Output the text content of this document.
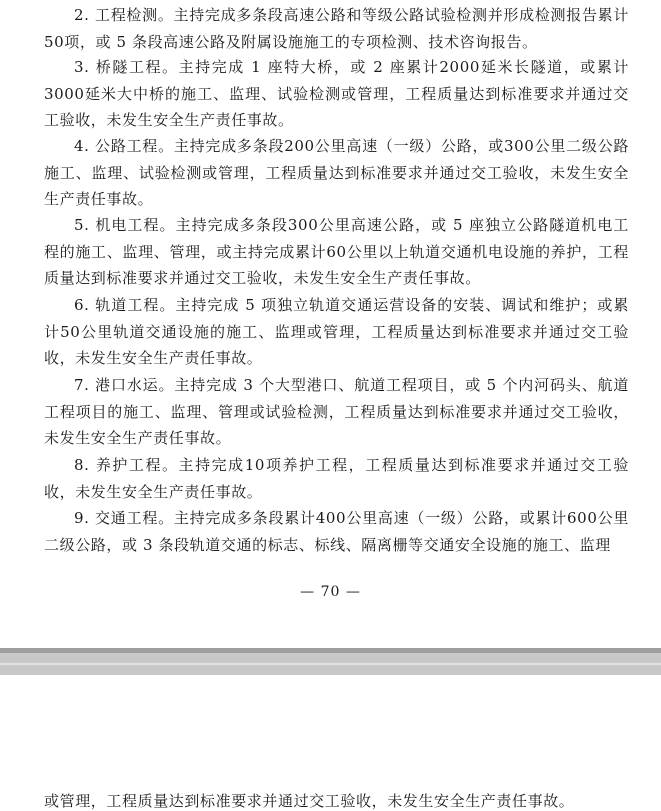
2. 工程检测。主持完成多条段高速公路和等级公路试验检测并形成检测报告累计50项，或 5 条段高速公路及附属设施施工的专项检测、技术咨询报告。

3. 桥隧工程。主持完成 1 座特大桥，或 2 座累计2000延米长隧道，或累计3000延米大中桥的施工、监理、试验检测或管理，工程质量达到标准要求并通过交工验收，未发生安全生产责任事故。

4. 公路工程。主持完成多条段200公里高速（一级）公路，或300公里二级公路施工、监理、试验检测或管理，工程质量达到标准要求并通过交工验收，未发生安全生产责任事故。

5. 机电工程。主持完成多条段300公里高速公路，或 5 座独立公路隧道机电工程的施工、监理、管理，或主持完成累计60公里以上轨道交通机电设施的养护，工程质量达到标准要求并通过交工验收，未发生安全生产责任事故。

6. 轨道工程。主持完成 5 项独立轨道交通运营设备的安装、调试和维护；或累计50公里轨道交通设施的施工、监理或管理，工程质量达到标准要求并通过交工验收，未发生安全生产责任事故。

7. 港口水运。主持完成 3 个大型港口、航道工程项目，或 5 个内河码头、航道工程项目的施工、监理、管理或试验检测，工程质量达到标准要求并通过交工验收，未发生安全生产责任事故。

8. 养护工程。主持完成10项养护工程，工程质量达到标准要求并通过交工验收，未发生安全生产责任事故。

9. 交通工程。主持完成多条段累计400公里高速（一级）公路，或累计600公里二级公路，或 3 条段轨道交通的标志、标线、隔离栅等交通安全设施的施工、监理

— 70 —

或管理，工程质量达到标准要求并通过交工验收，未发生安全生产责任事故。
